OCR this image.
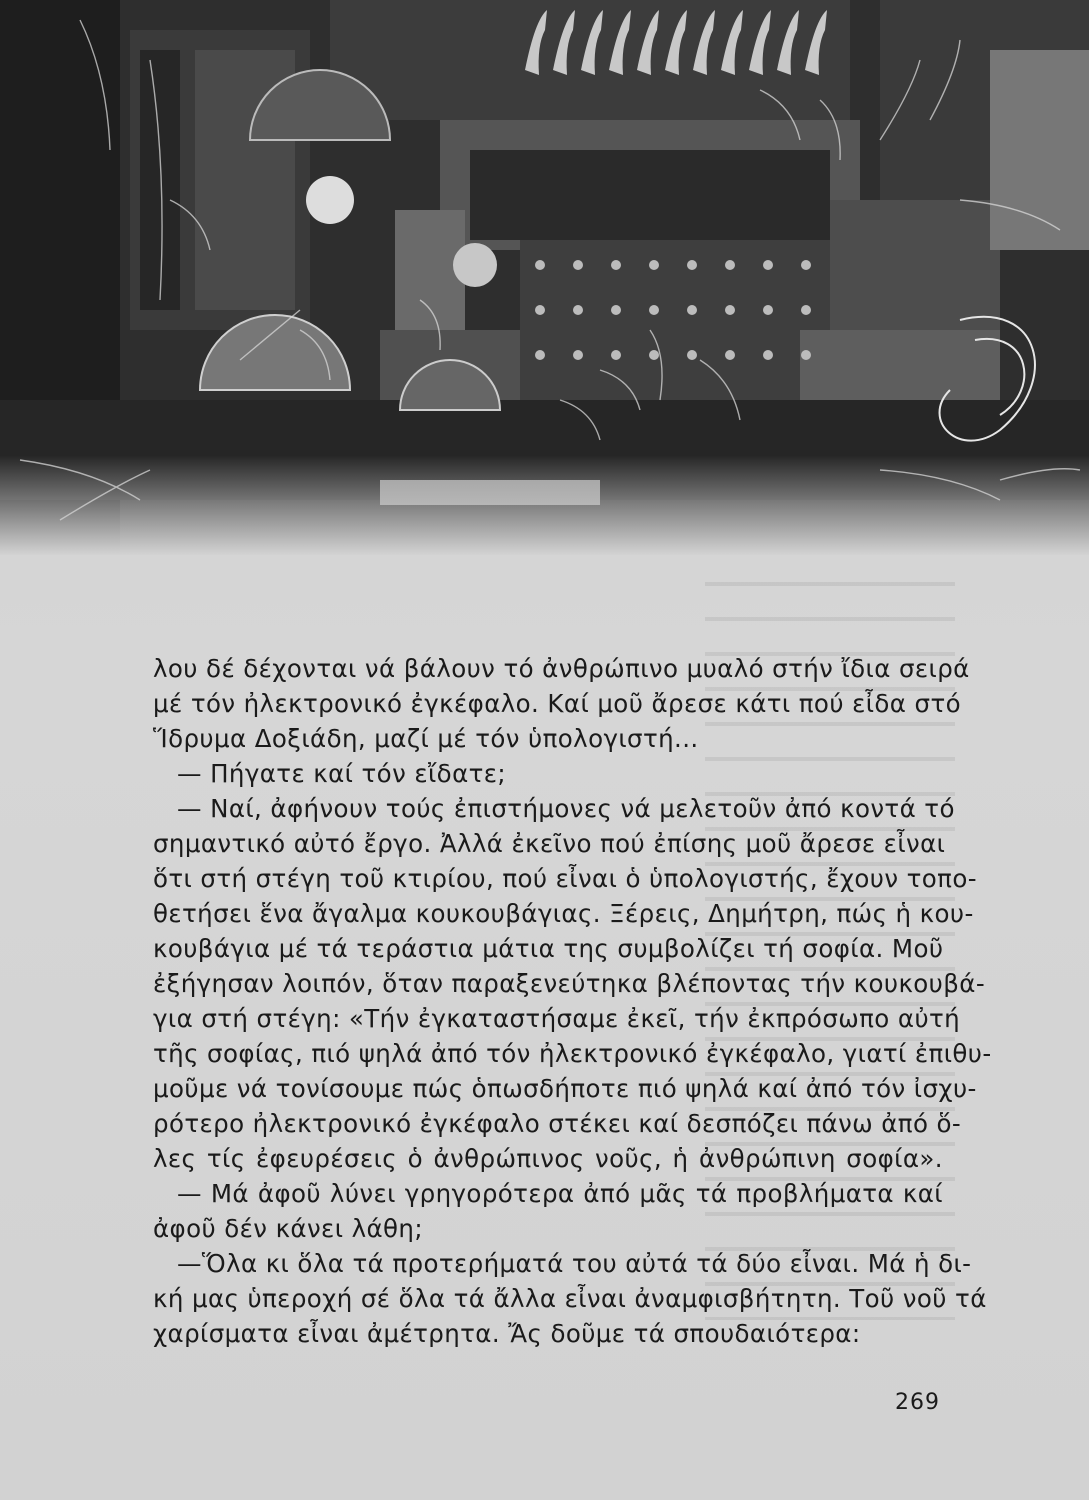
λου δέ δέχονται νά βάλουν τό ἀνθρώπινο μυαλό στήν ἴδια σειρά
μέ τόν ἠλεκτρονικό ἐγκέφαλο. Καί μοῦ ἄρεσε κάτι πού εἶδα στό
Ἵδρυμα Δοξιάδη, μαζί μέ τόν ὑπολογιστή...
— Πήγατε καί τόν εἴδατε;
— Ναί, ἀφήνουν τούς ἐπιστήμονες νά μελετοῦν ἀπό κοντά τό
σημαντικό αὐτό ἔργο. Ἀλλά ἐκεῖνο πού ἐπίσης μοῦ ἄρεσε εἶναι
ὅτι στή στέγη τοῦ κτιρίου, πού εἶναι ὁ ὑπολογιστής, ἔχουν τοπο-
θετήσει ἕνα ἄγαλμα κουκουβάγιας. Ξέρεις, Δημήτρη, πώς ἡ κου-
κουβάγια μέ τά τεράστια μάτια της συμβολίζει τή σοφία. Μοῦ
ἐξήγησαν λοιπόν, ὅταν παραξενεύτηκα βλέποντας τήν κουκουβά-
για στή στέγη: «Τήν ἐγκαταστήσαμε ἐκεῖ, τήν ἐκπρόσωπο αὐτή
τῆς σοφίας, πιό ψηλά ἀπό τόν ἠλεκτρονικό ἐγκέφαλο, γιατί ἐπιθυ-
μοῦμε νά τονίσουμε πώς ὁπωσδήποτε πιό ψηλά καί ἀπό τόν ἰσχυ-
ρότερο ἠλεκτρονικό ἐγκέφαλο στέκει καί δεσπόζει πάνω ἀπό ὅ-
λες τίς ἐφευρέσεις ὁ ἀνθρώπινος νοῦς, ἡ ἀνθρώπινη σοφία».
— Μά ἀφοῦ λύνει γρηγορότερα ἀπό μᾶς τά προβλήματα καί
ἀφοῦ δέν κάνει λάθη;
—Ὅλα κι ὅλα τά προτερήματά του αὐτά τά δύο εἶναι. Μά ἡ δι-
κή μας ὑπεροχή σέ ὅλα τά ἄλλα εἶναι ἀναμφισβήτητη. Τοῦ νοῦ τά
χαρίσματα εἶναι ἀμέτρητα. Ἄς δοῦμε τά σπουδαιότερα:
269
